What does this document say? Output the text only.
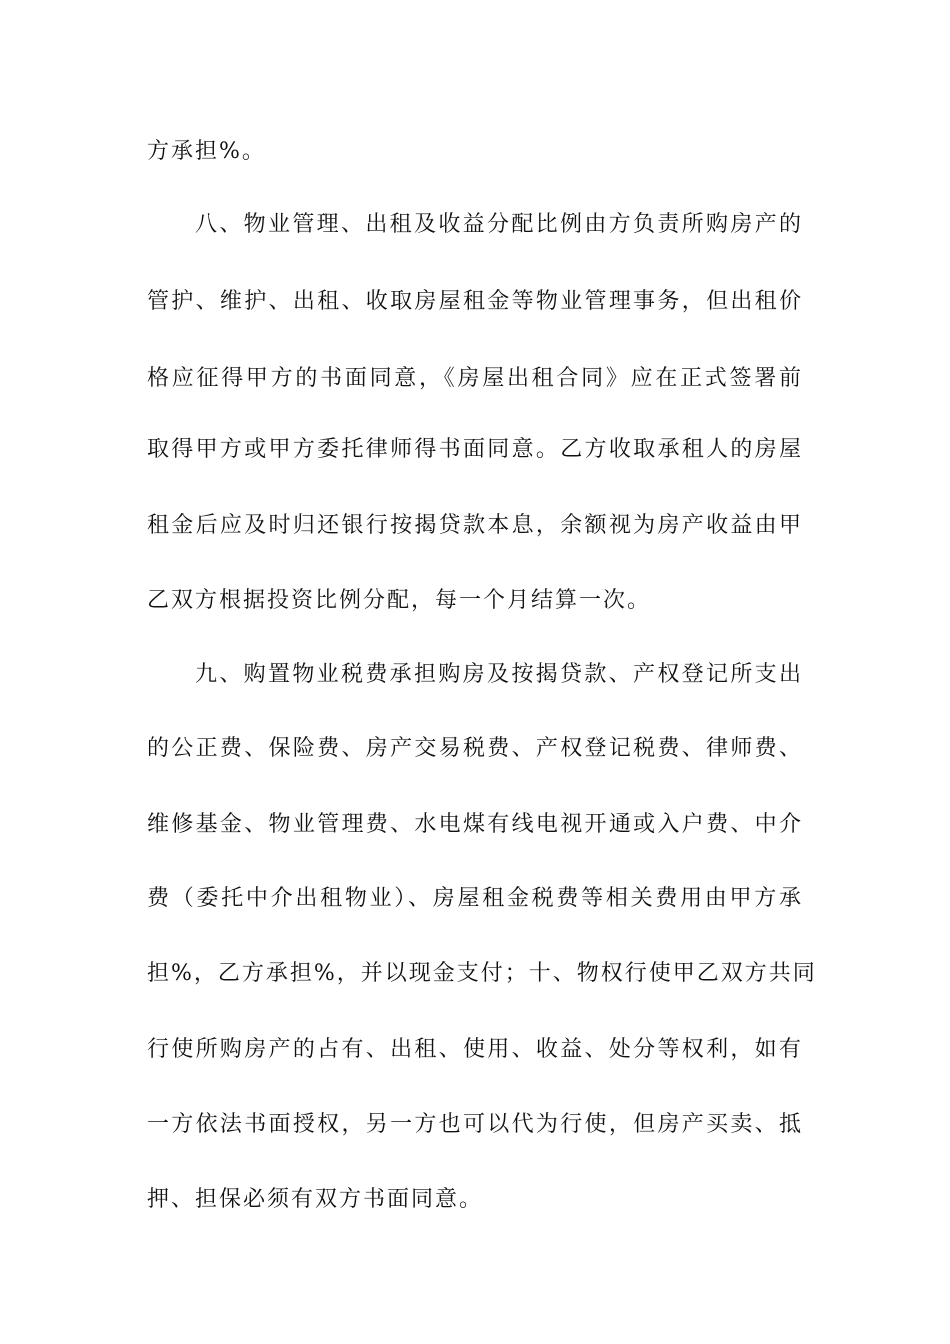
方承担%。
八、物业管理、出租及收益分配比例由方负责所购房产的
管护、维护、出租、收取房屋租金等物业管理事务，但出租价
格应征得甲方的书面同意，《房屋出租合同》应在正式签署前
取得甲方或甲方委托律师得书面同意。乙方收取承租人的房屋
租金后应及时归还银行按揭贷款本息，余额视为房产收益由甲
乙双方根据投资比例分配，每一个月结算一次。
九、购置物业税费承担购房及按揭贷款、产权登记所支出
的公正费、保险费、房产交易税费、产权登记税费、律师费、
维修基金、物业管理费、水电煤有线电视开通或入户费、中介
费（委托中介出租物业）、房屋租金税费等相关费用由甲方承
担%，乙方承担%，并以现金支付；十、物权行使甲乙双方共同
行使所购房产的占有、出租、使用、收益、处分等权利，如有
一方依法书面授权，另一方也可以代为行使，但房产买卖、抵
押、担保必须有双方书面同意。
